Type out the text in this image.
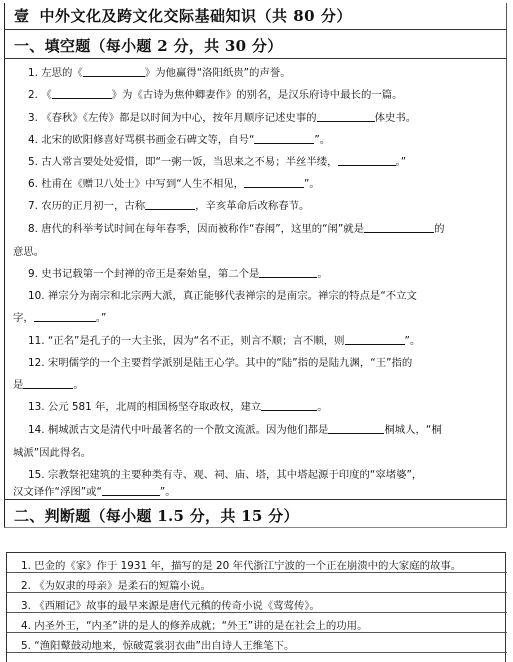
壹 中外文化及跨文化交际基础知识（共 80 分）
一、填空题（每小题 2 分，共 30 分）
1. 左思的《	》为他赢得“洛阳纸贵”的声誉。
2. 《	》为《古诗为焦仲卿妻作》的别名，是汉乐府诗中最长的一篇。
3. 《春秋》《左传》都是以时间为中心，按年月顺序记述史事的	体史书。
4. 北宋的欧阳修喜好骂棋书画金石碑文等，自号“	”。
5. 古人常言要处处爱惜，即“一粥一饭，当思来之不易；半丝半缕，	。”
6. 杜甫在《赠卫八处士》中写到“人生不相见，	”。
7. 农历的正月初一，古称	，辛亥革命后改称春节。
8. 唐代的科举考试时间在每年春季，因而被称作“春闱”，这里的“闱”就是	的
意思。
9. 史书记载第一个封禅的帝王是秦始皇，第二个是	。
10. 禅宗分为南宗和北宗两大派，真正能够代表禅宗的是南宗。禅宗的特点是“不立文
字，	。”
11. “正名”是孔子的一大主张，因为“名不正，则言不顺；言不顺，则	”。
12. 宋明儒学的一个主要哲学派别是陆王心学。其中的“陆”指的是陆九渊，“王”指的
是	。
13. 公元 581 年，北周的相国杨坚夺取政权，建立	。
14. 桐城派古文是清代中叶最著名的一个散文流派。因为他们都是	桐城人，“桐
城派”因此得名。
15. 宗教祭祀建筑的主要种类有寺、观、祠、庙、塔，其中塔起源于印度的“窣堵婆”，
汉文译作“浮图”或“	”。
二、判断题（每小题 1.5 分，共 15 分）
1. 巴金的《家》作于 1931 年，描写的是 20 年代浙江宁波的一个正在崩溃中的大家庭的故事。
2. 《为奴隶的母亲》是柔石的短篇小说。
3. 《西厢记》故事的最早来源是唐代元稹的传奇小说《莺莺传》。
4. 内圣外王，“内圣”讲的是人的修养成就；“外王”讲的是在社会上的功用。
5. “渔阳鼙鼓动地来，惊破霓裳羽衣曲”出自诗人王维笔下。
